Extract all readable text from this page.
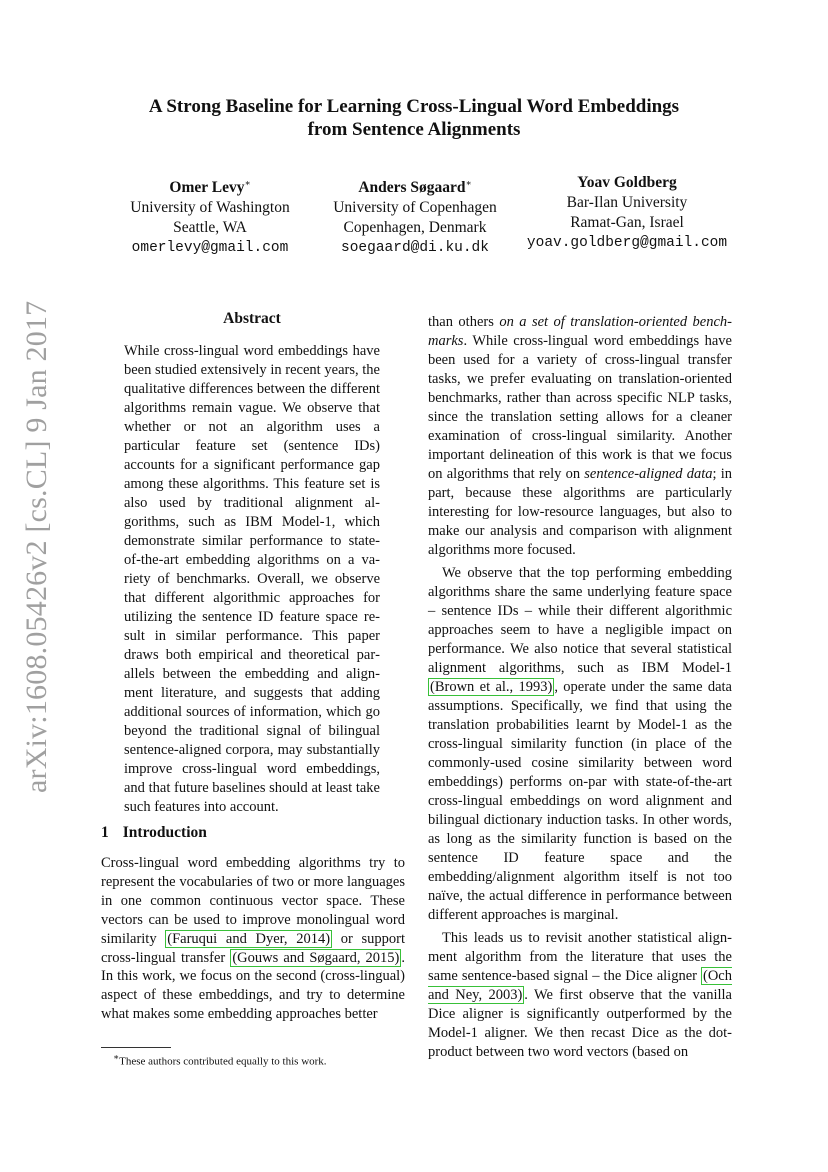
A Strong Baseline for Learning Cross-Lingual Word Embeddings
from Sentence Alignments
Omer Levy∗
University of Washington
Seattle, WA
omerlevy@gmail.com
Anders Søgaard∗
University of Copenhagen
Copenhagen, Denmark
soegaard@di.ku.dk
Yoav Goldberg
Bar-Ilan University
Ramat-Gan, Israel
yoav.goldberg@gmail.com
arXiv:1608.05426v2 [cs.CL] 9 Jan 2017	Abstract

While cross-lingual word embeddings have been studied extensively in recent years, the qualitative differences between the different algorithms remain vague. We observe that whether or not an algorithm uses a particular feature set (sentence IDs) accounts for a significant performance gap among these algorithms. This feature set is also used by traditional alignment algorithms, such as IBM Model-1, which demonstrate similar performance to state-of-the-art embedding algorithms on a variety of benchmarks. Overall, we observe that different algorithmic approaches for utilizing the sentence ID feature space result in similar performance. This paper draws both empirical and theoretical parallels between the embedding and alignment literature, and suggests that adding additional sources of information, which go beyond the traditional signal of bilingual sentence-aligned corpora, may substantially improve cross-lingual word embeddings, and that future baselines should at least take such features into account.

1 Introduction

Cross-lingual word embedding algorithms try to represent the vocabularies of two or more languages in one common continuous vector space. These vectors can be used to improve monolingual word similarity (Faruqui and Dyer, 2014) or support cross-lingual transfer (Gouws and Søgaard, 2015) . In this work, we focus on the second (cross-lingual) aspect of these embeddings, and try to determine what makes some embedding approaches better

∗These authors contributed equally to this work.

than others on a set of translation-oriented benchmarks. While cross-lingual word embeddings have been used for a variety of cross-lingual transfer tasks, we prefer evaluating on translation-oriented benchmarks, rather than across specific NLP tasks, since the translation setting allows for a cleaner examination of cross-lingual similarity. Another important delineation of this work is that we focus on algorithms that rely on sentence-aligned data; in part, because these algorithms are particularly interesting for low-resource languages, but also to make our analysis and comparison with alignment algorithms more focused.

We observe that the top performing embedding algorithms share the same underlying feature space – sentence IDs – while their different algorithmic approaches seem to have a negligible impact on performance. We also notice that several statistical alignment algorithms, such as IBM Model-1 (Brown et al., 1993) , operate under the same data assumptions. Specifically, we find that using the translation probabilities learnt by Model-1 as the cross-lingual similarity function (in place of the commonly-used cosine similarity between word embeddings) performs on-par with state-of-the-art cross-lingual embeddings on word alignment and bilingual dictionary induction tasks. In other words, as long as the similarity function is based on the sentence ID feature space and the embedding/alignment algorithm itself is not too naïve, the actual difference in performance between different approaches is marginal.

This leads us to revisit another statistical alignment algorithm from the literature that uses the same sentence-based signal – the Dice aligner (Och and Ney, 2003) . We first observe that the vanilla Dice aligner is significantly outperformed by the Model-1 aligner. We then recast Dice as the dot-product between two word vectors (based on
